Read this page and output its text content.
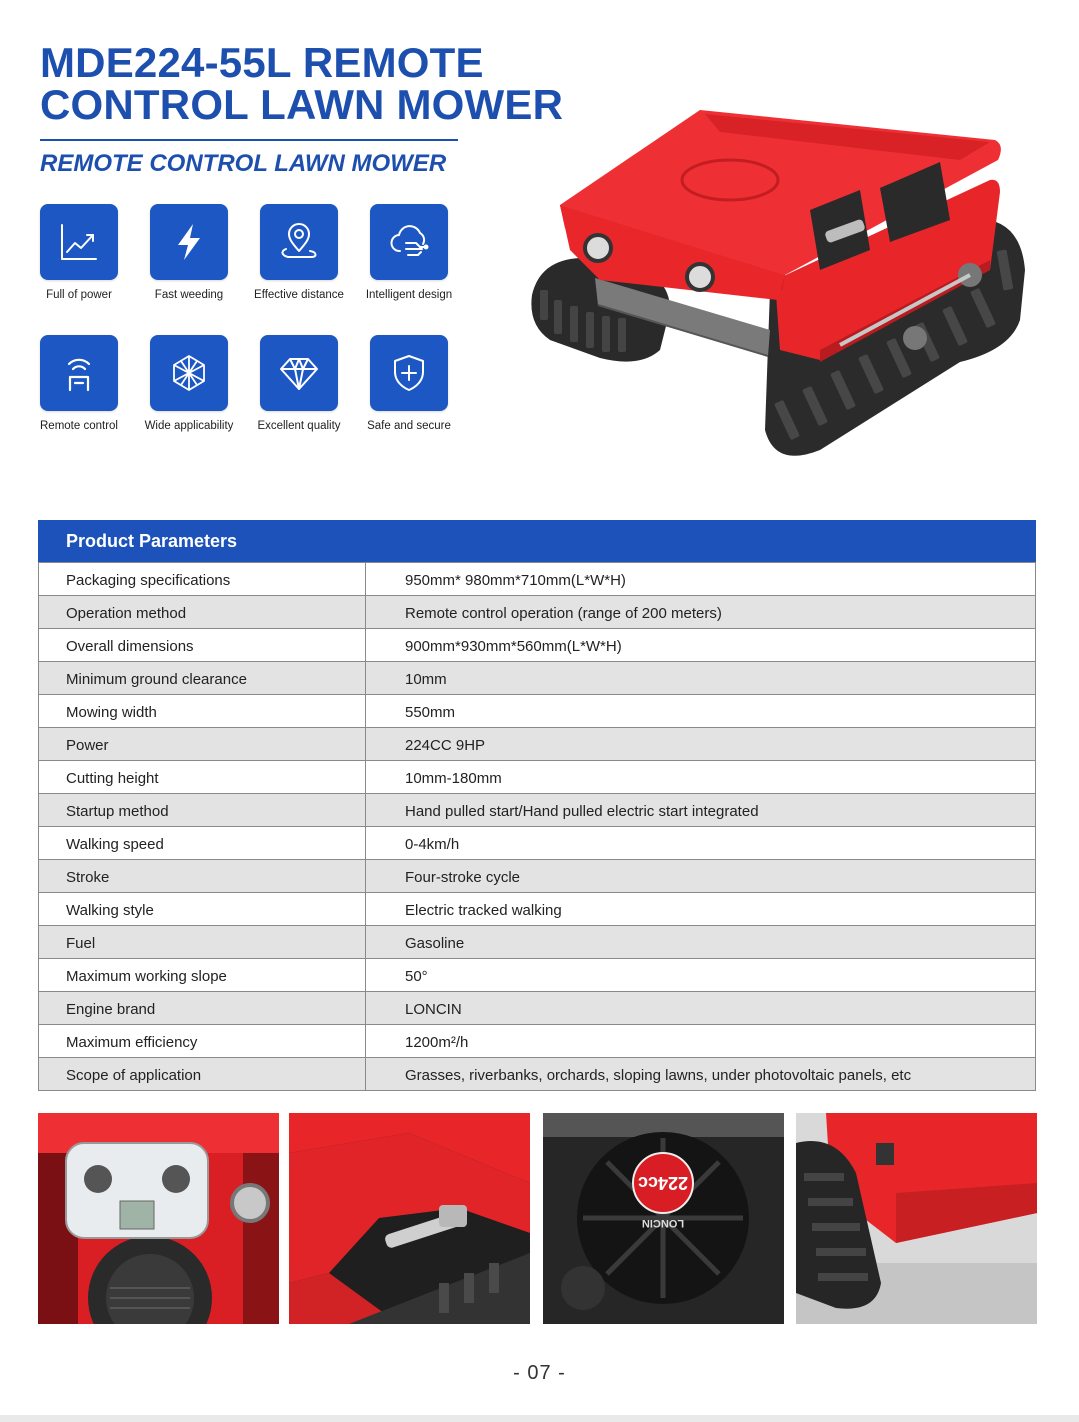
MDE224-55L REMOTE
CONTROL LAWN MOWER
REMOTE CONTROL LAWN MOWER
Full of power	Fast weeding	Effective distance	Intelligent design
Remote control	Wide applicability	Excellent quality	Safe and secure
Product Parameters
Packaging specifications	950mm* 980mm*710mm(L*W*H)
Operation method	Remote control operation (range of 200 meters)
Overall dimensions	900mm*930mm*560mm(L*W*H)
Minimum ground clearance	10mm
Mowing width	550mm
Power	224CC 9HP
Cutting height	10mm-180mm
Startup method	Hand pulled start/Hand pulled electric start integrated
Walking speed	0-4km/h
Stroke	Four-stroke cycle
Walking style	Electric tracked walking
Fuel	Gasoline
Maximum working slope	50°
Engine brand	LONCIN
Maximum efficiency	1200m²/h
Scope of application	Grasses, riverbanks, orchards, sloping lawns, under photovoltaic panels, etc
224cc
LONCIN
- 07 -
